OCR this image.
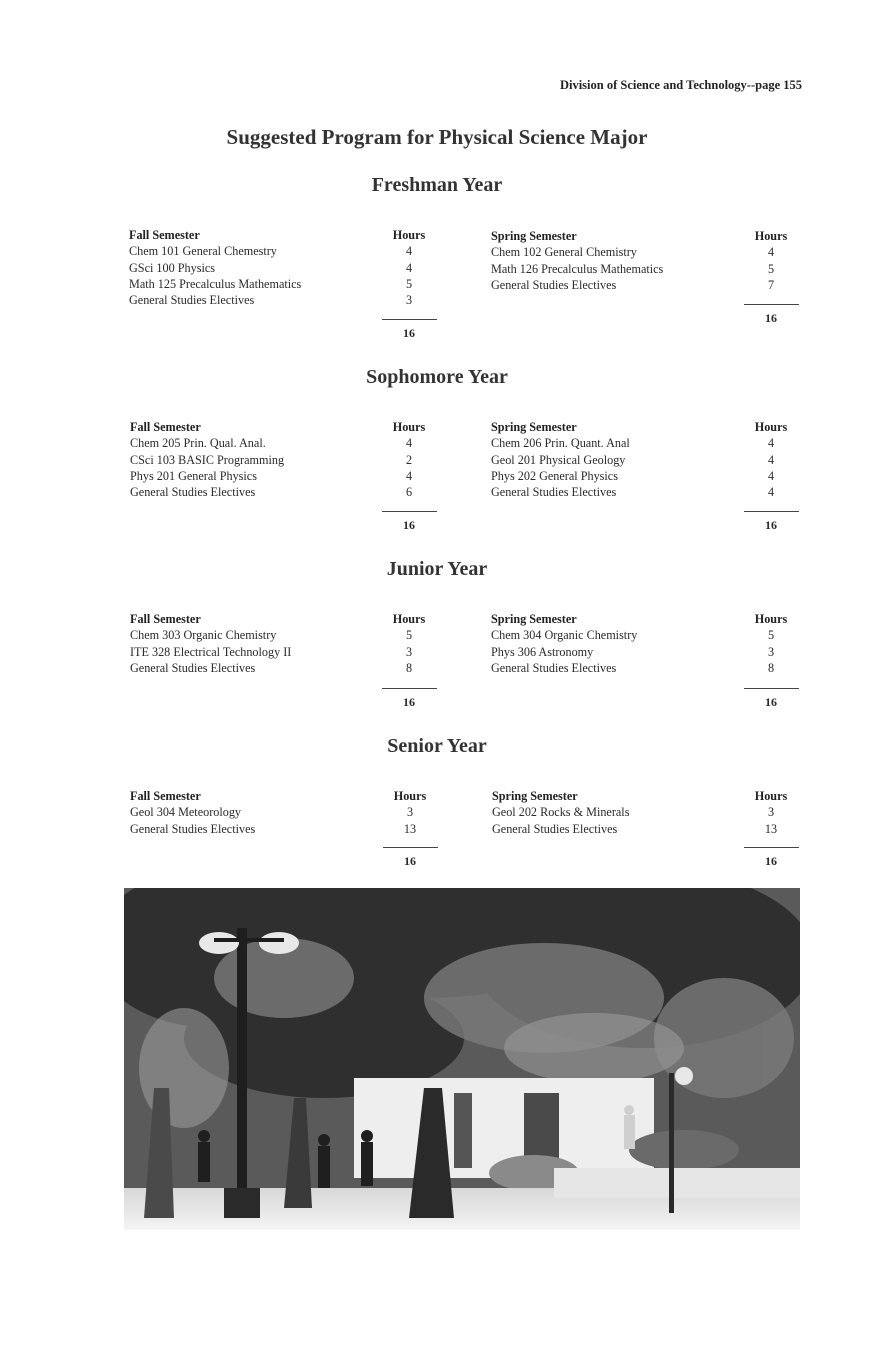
Division of Science and Technology--page 155
Suggested Program for Physical Science Major
Freshman Year
Fall Semester	Hours
Chem 101 General Chemestry	4
GSci 100 Physics	4
Math 125 Precalculus Mathematics	5
General Studies Electives	3
16
Spring Semester	Hours
Chem 102 General Chemistry	4
Math 126 Precalculus Mathematics	5
General Studies Electives	7
16
Sophomore Year
Fall Semester	Hours
Chem 205 Prin. Qual. Anal.	4
CSci 103 BASIC Programming	2
Phys 201 General Physics	4
General Studies Electives	6
16
Spring Semester	Hours
Chem 206 Prin. Quant. Anal	4
Geol 201 Physical Geology	4
Phys 202 General Physics	4
General Studies Electives	4
16
Junior Year
Fall Semester	Hours
Chem 303 Organic Chemistry	5
ITE 328 Electrical Technology II	3
General Studies Electives	8
16
Spring Semester	Hours
Chem 304 Organic Chemistry	5
Phys 306 Astronomy	3
General Studies Electives	8
16
Senior Year
Fall Semester	Hours
Geol 304 Meteorology	3
General Studies Electives	13
16
Spring Semester	Hours
Geol 202 Rocks & Minerals	3
General Studies Electives	13
16
